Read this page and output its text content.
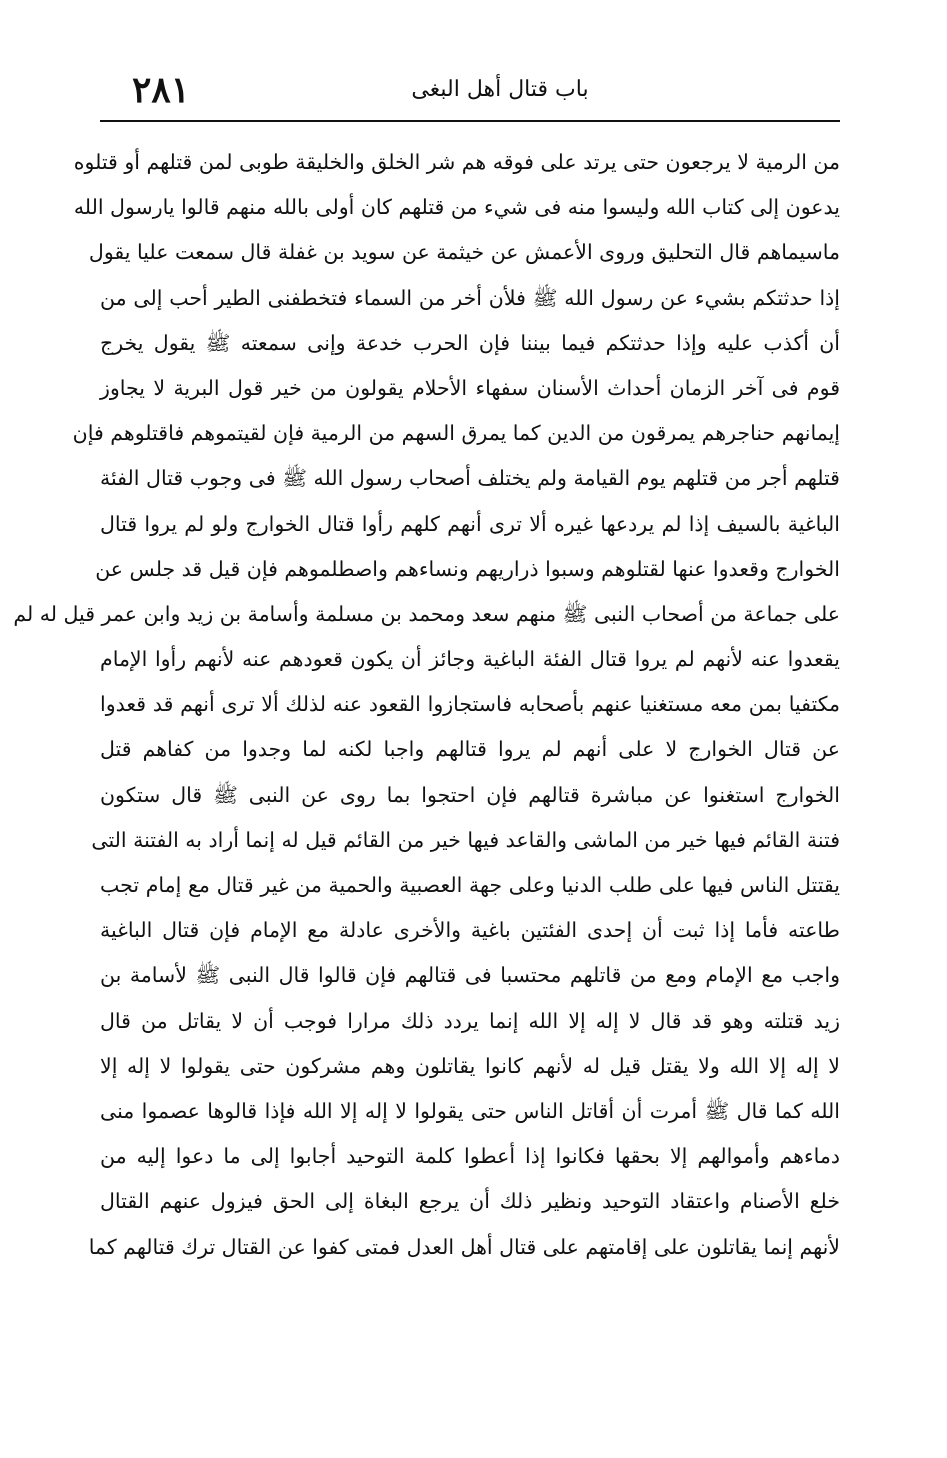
٢٨١	باب قتال أهل البغى
من الرمية لا يرجعون حتى يرتد على فوقه هم شر الخلق والخليقة طوبى لمن قتلهم أو قتلوه
يدعون إلى كتاب الله وليسوا منه فى شيء من قتلهم كان أولى بالله منهم قالوا يارسول الله
ماسيماهم قال التحليق وروى الأعمش عن خيثمة عن سويد بن غفلة قال سمعت عليا يقول
إذا حدثتكم بشيء عن رسول الله ﷺ فلأن أخر من السماء فتخطفنى الطير أحب إلى من
أن أكذب عليه وإذا حدثتكم فيما بيننا فإن الحرب خدعة وإنى سمعته ﷺ يقول يخرج
قوم فى آخر الزمان أحداث الأسنان سفهاء الأحلام يقولون من خير قول البرية لا يجاوز
إيمانهم حناجرهم يمرقون من الدين كما يمرق السهم من الرمية فإن لقيتموهم فاقتلوهم فإن
قتلهم أجر من قتلهم يوم القيامة ولم يختلف أصحاب رسول الله ﷺ فى وجوب قتال الفئة
الباغية بالسيف إذا لم يردعها غيره ألا ترى أنهم كلهم رأوا قتال الخوارج ولو لم يروا قتال
الخوارج وقعدوا عنها لقتلوهم وسبوا ذراريهم ونساءهم واصطلموهم فإن قيل قد جلس عن
على جماعة من أصحاب النبى ﷺ منهم سعد ومحمد بن مسلمة وأسامة بن زيد وابن عمر قيل له لم
يقعدوا عنه لأنهم لم يروا قتال الفئة الباغية وجائز أن يكون قعودهم عنه لأنهم رأوا الإمام
مكتفيا بمن معه مستغنيا عنهم بأصحابه فاستجازوا القعود عنه لذلك ألا ترى أنهم قد قعدوا
عن قتال الخوارج لا على أنهم لم يروا قتالهم واجبا لكنه لما وجدوا من كفاهم قتل
الخوارج استغنوا عن مباشرة قتالهم فإن احتجوا بما روى عن النبى ﷺ قال ستكون
فتنة القائم فيها خير من الماشى والقاعد فيها خير من القائم قيل له إنما أراد به الفتنة التى
يقتتل الناس فيها على طلب الدنيا وعلى جهة العصبية والحمية من غير قتال مع إمام تجب
طاعته فأما إذا ثبت أن إحدى الفئتين باغية والأخرى عادلة مع الإمام فإن قتال الباغية
واجب مع الإمام ومع من قاتلهم محتسبا فى قتالهم فإن قالوا قال النبى ﷺ لأسامة بن
زيد قتلته وهو قد قال لا إله إلا الله إنما يردد ذلك مرارا فوجب أن لا يقاتل من قال
لا إله إلا الله ولا يقتل قيل له لأنهم كانوا يقاتلون وهم مشركون حتى يقولوا لا إله إلا
الله كما قال ﷺ أمرت أن أقاتل الناس حتى يقولوا لا إله إلا الله فإذا قالوها عصموا منى
دماءهم وأموالهم إلا بحقها فكانوا إذا أعطوا كلمة التوحيد أجابوا إلى ما دعوا إليه من
خلع الأصنام واعتقاد التوحيد ونظير ذلك أن يرجع البغاة إلى الحق فيزول عنهم القتال
لأنهم إنما يقاتلون على إقامتهم على قتال أهل العدل فمتى كفوا عن القتال ترك قتالهم كما
